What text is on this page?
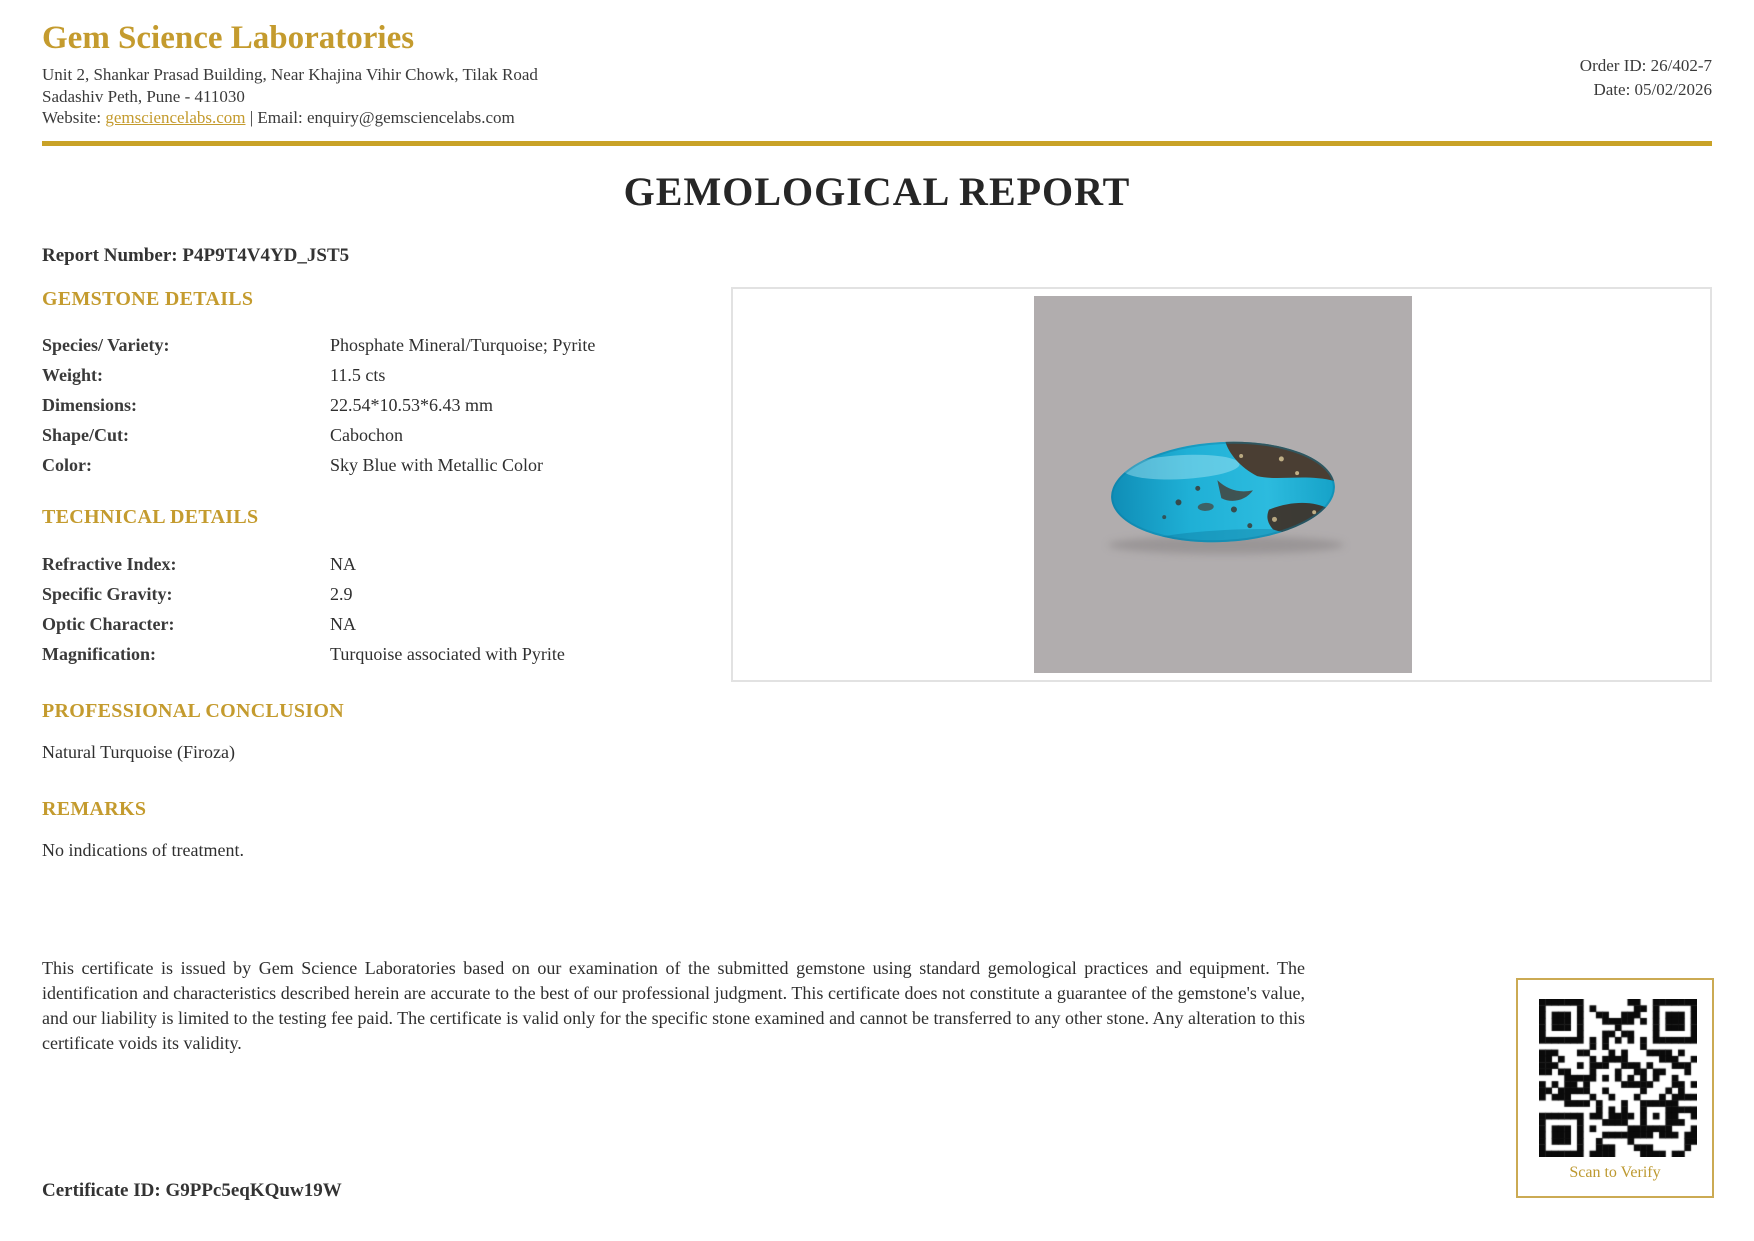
Gem Science Laboratories
Unit 2, Shankar Prasad Building, Near Khajina Vihir Chowk, Tilak Road
Sadashiv Peth, Pune - 411030
Website: gemsciencelabs.com | Email: enquiry@gemsciencelabs.com
Order ID: 26/402-7
Date: 05/02/2026
GEMOLOGICAL REPORT
Report Number: P4P9T4V4YD_JST5
GEMSTONE DETAILS
Species/ Variety:	Phosphate Mineral/Turquoise; Pyrite
Weight:	11.5 cts
Dimensions:	22.54*10.53*6.43 mm
Shape/Cut:	Cabochon
Color:	Sky Blue with Metallic Color
TECHNICAL DETAILS
Refractive Index:	NA
Specific Gravity:	2.9
Optic Character:	NA
Magnification:	Turquoise associated with Pyrite
PROFESSIONAL CONCLUSION
Natural Turquoise (Firoza)
REMARKS
No indications of treatment.
This certificate is issued by Gem Science Laboratories based on our examination of the submitted gemstone using standard gemological practices and equipment. The identification and characteristics described herein are accurate to the best of our professional judgment. This certificate does not constitute a guarantee of the gemstone's value, and our liability is limited to the testing fee paid. The certificate is valid only for the specific stone examined and cannot be transferred to any other stone. Any alteration to this certificate voids its validity.
Certificate ID: G9PPc5eqKQuw19W
Scan to Verify
